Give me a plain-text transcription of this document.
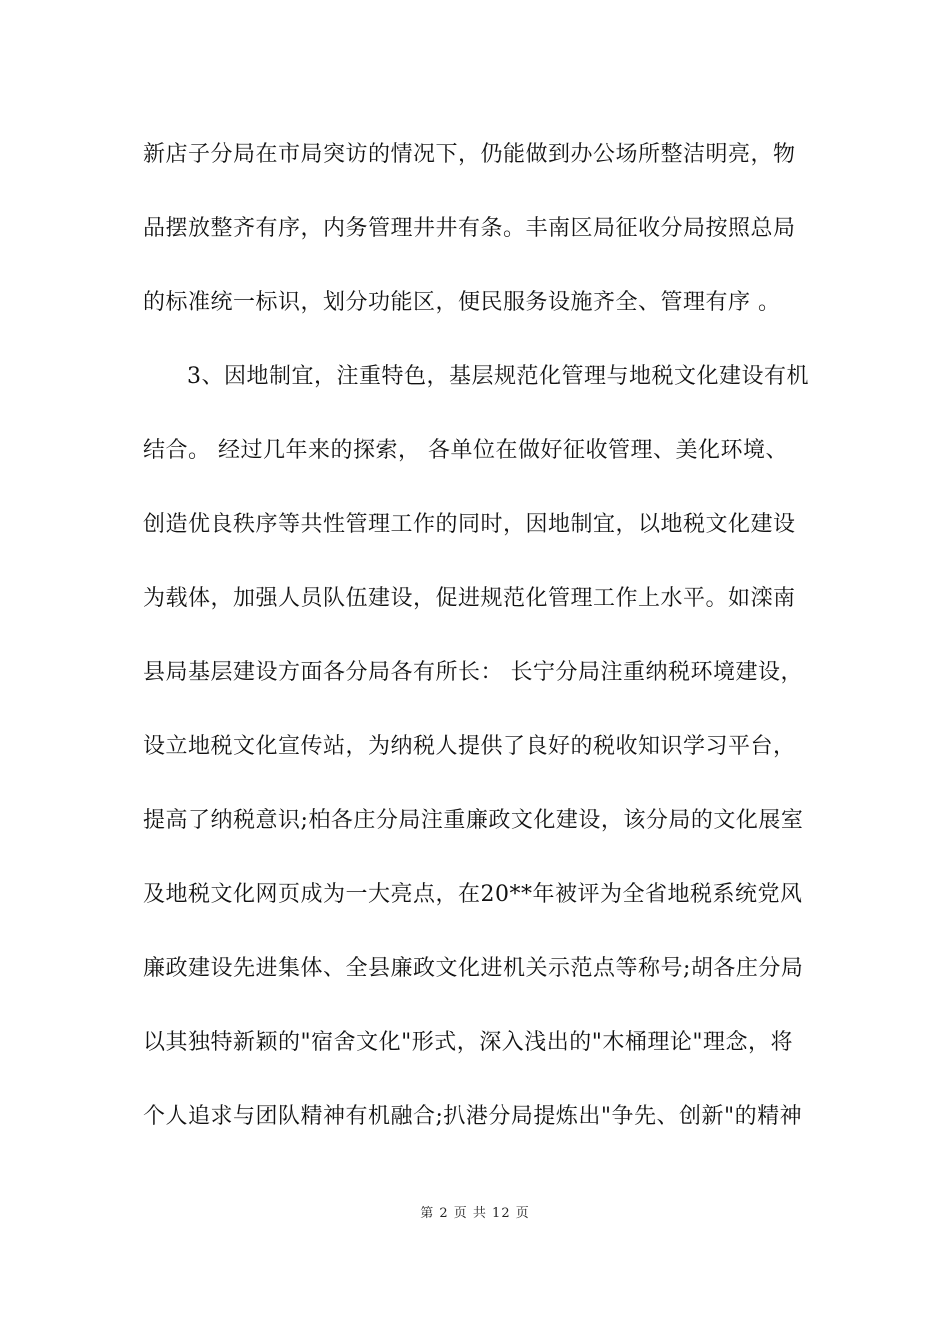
新店子分局在市局突访的情况下，仍能做到办公场所整洁明亮，物
品摆放整齐有序，内务管理井井有条。丰南区局征收分局按照总局
的标准统一标识，划分功能区，便民服务设施齐全、管理有序 。
3、因地制宜，注重特色，基层规范化管理与地税文化建设有机
结合。 经过几年来的探索， 各单位在做好征收管理、美化环境、
创造优良秩序等共性管理工作的同时，因地制宜，以地税文化建设
为载体，加强人员队伍建设，促进规范化管理工作上水平。如滦南
县局基层建设方面各分局各有所长： 长宁分局注重纳税环境建设，
设立地税文化宣传站，为纳税人提供了良好的税收知识学习平台，
提高了纳税意识;柏各庄分局注重廉政文化建设，该分局的文化展室
及地税文化网页成为一大亮点，在20**年被评为全省地税系统党风
廉政建设先进集体、全县廉政文化进机关示范点等称号;胡各庄分局
以其独特新颖的"宿舍文化"形式，深入浅出的"木桶理论"理念，将
个人追求与团队精神有机融合;扒港分局提炼出"争先、创新"的精神
第 2 页 共 12 页
